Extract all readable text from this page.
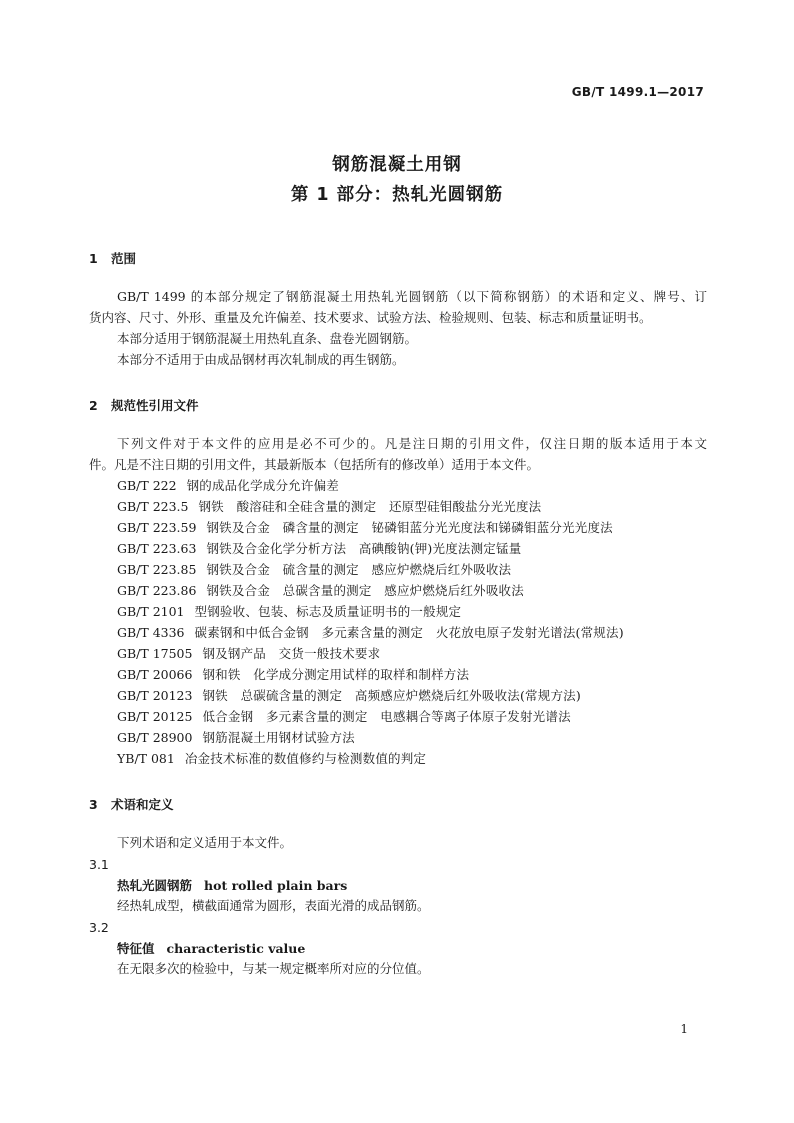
GB/T 1499.1—2017
钢筋混凝土用钢
第 1 部分：热轧光圆钢筋
1 范围
GB/T 1499 的本部分规定了钢筋混凝土用热轧光圆钢筋（以下简称钢筋）的术语和定义、牌号、订
货内容、尺寸、外形、重量及允许偏差、技术要求、试验方法、检验规则、包装、标志和质量证明书。
本部分适用于钢筋混凝土用热轧直条、盘卷光圆钢筋。
本部分不适用于由成品钢材再次轧制成的再生钢筋。
2 规范性引用文件
下列文件对于本文件的应用是必不可少的。凡是注日期的引用文件，仅注日期的版本适用于本文
件。凡是不注日期的引用文件，其最新版本（包括所有的修改单）适用于本文件。
GB/T 222 钢的成品化学成分允许偏差
GB/T 223.5 钢铁　酸溶硅和全硅含量的测定　还原型硅钼酸盐分光光度法
GB/T 223.59 钢铁及合金　磷含量的测定　铋磷钼蓝分光光度法和锑磷钼蓝分光光度法
GB/T 223.63 钢铁及合金化学分析方法　高碘酸钠(钾)光度法测定锰量
GB/T 223.85 钢铁及合金　硫含量的测定　感应炉燃烧后红外吸收法
GB/T 223.86 钢铁及合金　总碳含量的测定　感应炉燃烧后红外吸收法
GB/T 2101 型钢验收、包装、标志及质量证明书的一般规定
GB/T 4336 碳素钢和中低合金钢　多元素含量的测定　火花放电原子发射光谱法(常规法)
GB/T 17505 钢及钢产品　交货一般技术要求
GB/T 20066 钢和铁　化学成分测定用试样的取样和制样方法
GB/T 20123 钢铁　总碳硫含量的测定　高频感应炉燃烧后红外吸收法(常规方法)
GB/T 20125 低合金钢　多元素含量的测定　电感耦合等离子体原子发射光谱法
GB/T 28900 钢筋混凝土用钢材试验方法
YB/T 081 冶金技术标准的数值修约与检测数值的判定
3 术语和定义
下列术语和定义适用于本文件。
3.1
热轧光圆钢筋 hot rolled plain bars
经热轧成型，横截面通常为圆形，表面光滑的成品钢筋。
3.2
特征值 characteristic value
在无限多次的检验中，与某一规定概率所对应的分位值。
1
